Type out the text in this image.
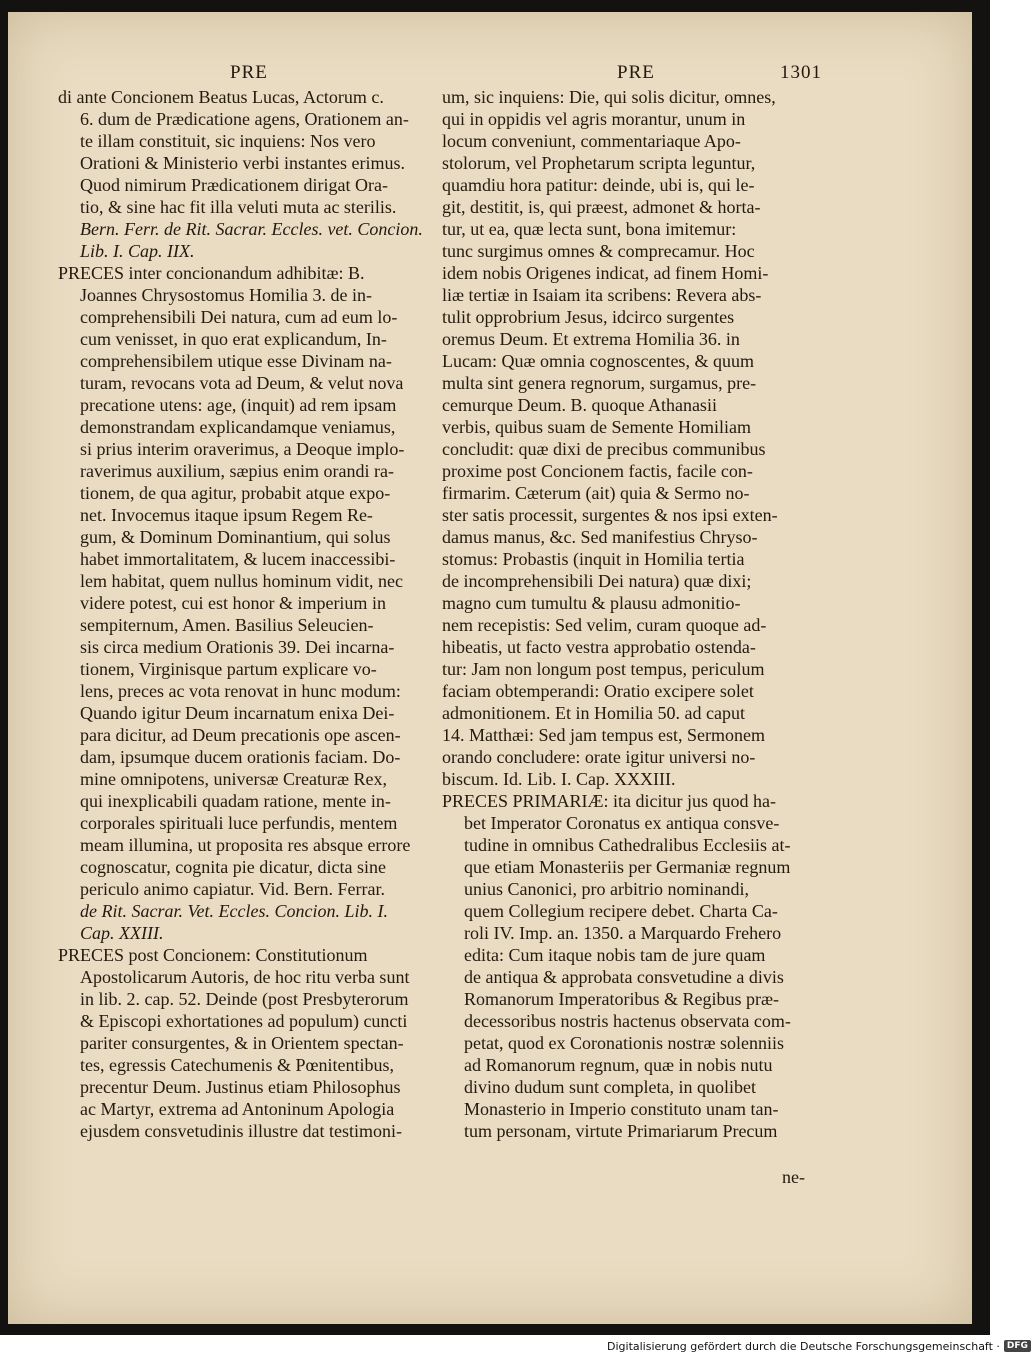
PRE	PRE	1301
di ante Concionem Beatus Lucas, Actorum c.
6. dum de Prædicatione agens, Orationem an-
te illam constituit, sic inquiens: Nos vero
Orationi & Ministerio verbi instantes erimus.
Quod nimirum Prædicationem dirigat Ora-
tio, & sine hac fit illa veluti muta ac sterilis.
Bern. Ferr. de Rit. Sacrar. Eccles. vet. Concion.
Lib. I. Cap. IIX.
PRECES inter concionandum adhibitæ: B.
Joannes Chrysostomus Homilia 3. de in-
comprehensibili Dei natura, cum ad eum lo-
cum venisset, in quo erat explicandum, In-
comprehensibilem utique esse Divinam na-
turam, revocans vota ad Deum, & velut nova
precatione utens: age, (inquit) ad rem ipsam
demonstrandam explicandamque veniamus,
si prius interim oraverimus, a Deoque implo-
raverimus auxilium, sæpius enim orandi ra-
tionem, de qua agitur, probabit atque expo-
net. Invocemus itaque ipsum Regem Re-
gum, & Dominum Dominantium, qui solus
habet immortalitatem, & lucem inaccessibi-
lem habitat, quem nullus hominum vidit, nec
videre potest, cui est honor & imperium in
sempiternum, Amen. Basilius Seleucien-
sis circa medium Orationis 39. Dei incarna-
tionem, Virginisque partum explicare vo-
lens, preces ac vota renovat in hunc modum:
Quando igitur Deum incarnatum enixa Dei-
para dicitur, ad Deum precationis ope ascen-
dam, ipsumque ducem orationis faciam. Do-
mine omnipotens, universæ Creaturæ Rex,
qui inexplicabili quadam ratione, mente in-
corporales spirituali luce perfundis, mentem
meam illumina, ut proposita res absque errore
cognoscatur, cognita pie dicatur, dicta sine
periculo animo capiatur. Vid. Bern. Ferrar.
de Rit. Sacrar. Vet. Eccles. Concion. Lib. I.
Cap. XXIII.
PRECES post Concionem: Constitutionum
Apostolicarum Autoris, de hoc ritu verba sunt
in lib. 2. cap. 52. Deinde (post Presbyterorum
& Episcopi exhortationes ad populum) cuncti
pariter consurgentes, & in Orientem spectan-
tes, egressis Catechumenis & Pœnitentibus,
precentur Deum. Justinus etiam Philosophus
ac Martyr, extrema ad Antoninum Apologia
ejusdem consvetudinis illustre dat testimoni-
um, sic inquiens: Die, qui solis dicitur, omnes,
qui in oppidis vel agris morantur, unum in
locum conveniunt, commentariaque Apo-
stolorum, vel Prophetarum scripta leguntur,
quamdiu hora patitur: deinde, ubi is, qui le-
git, destitit, is, qui præest, admonet & horta-
tur, ut ea, quæ lecta sunt, bona imitemur:
tunc surgimus omnes & comprecamur. Hoc
idem nobis Origenes indicat, ad finem Homi-
liæ tertiæ in Isaiam ita scribens: Revera abs-
tulit opprobrium Jesus, idcirco surgentes
oremus Deum. Et extrema Homilia 36. in
Lucam: Quæ omnia cognoscentes, & quum
multa sint genera regnorum, surgamus, pre-
cemurque Deum. B. quoque Athanasii
verbis, quibus suam de Semente Homiliam
concludit: quæ dixi de precibus communibus
proxime post Concionem factis, facile con-
firmarim. Cæterum (ait) quia & Sermo no-
ster satis processit, surgentes & nos ipsi exten-
damus manus, &c. Sed manifestius Chryso-
stomus: Probastis (inquit in Homilia tertia
de incomprehensibili Dei natura) quæ dixi;
magno cum tumultu & plausu admonitio-
nem recepistis: Sed velim, curam quoque ad-
hibeatis, ut facto vestra approbatio ostenda-
tur: Jam non longum post tempus, periculum
faciam obtemperandi: Oratio excipere solet
admonitionem. Et in Homilia 50. ad caput
14. Matthæi: Sed jam tempus est, Sermonem
orando concludere: orate igitur universi no-
biscum. Id. Lib. I. Cap. XXXIII.
PRECES PRIMARIÆ: ita dicitur jus quod ha-
bet Imperator Coronatus ex antiqua consve-
tudine in omnibus Cathedralibus Ecclesiis at-
que etiam Monasteriis per Germaniæ regnum
unius Canonici, pro arbitrio nominandi,
quem Collegium recipere debet. Charta Ca-
roli IV. Imp. an. 1350. a Marquardo Frehero
edita: Cum itaque nobis tam de jure quam
de antiqua & approbata consvetudine a divis
Romanorum Imperatoribus & Regibus præ-
decessoribus nostris hactenus observata com-
petat, quod ex Coronationis nostræ solenniis
ad Romanorum regnum, quæ in nobis nutu
divino dudum sunt completa, in quolibet
Monasterio in Imperio constituto unam tan-
tum personam, virtute Primariarum Precum
ne-
Digitalisierung gefördert durch die Deutsche Forschungsgemeinschaft · DFG
